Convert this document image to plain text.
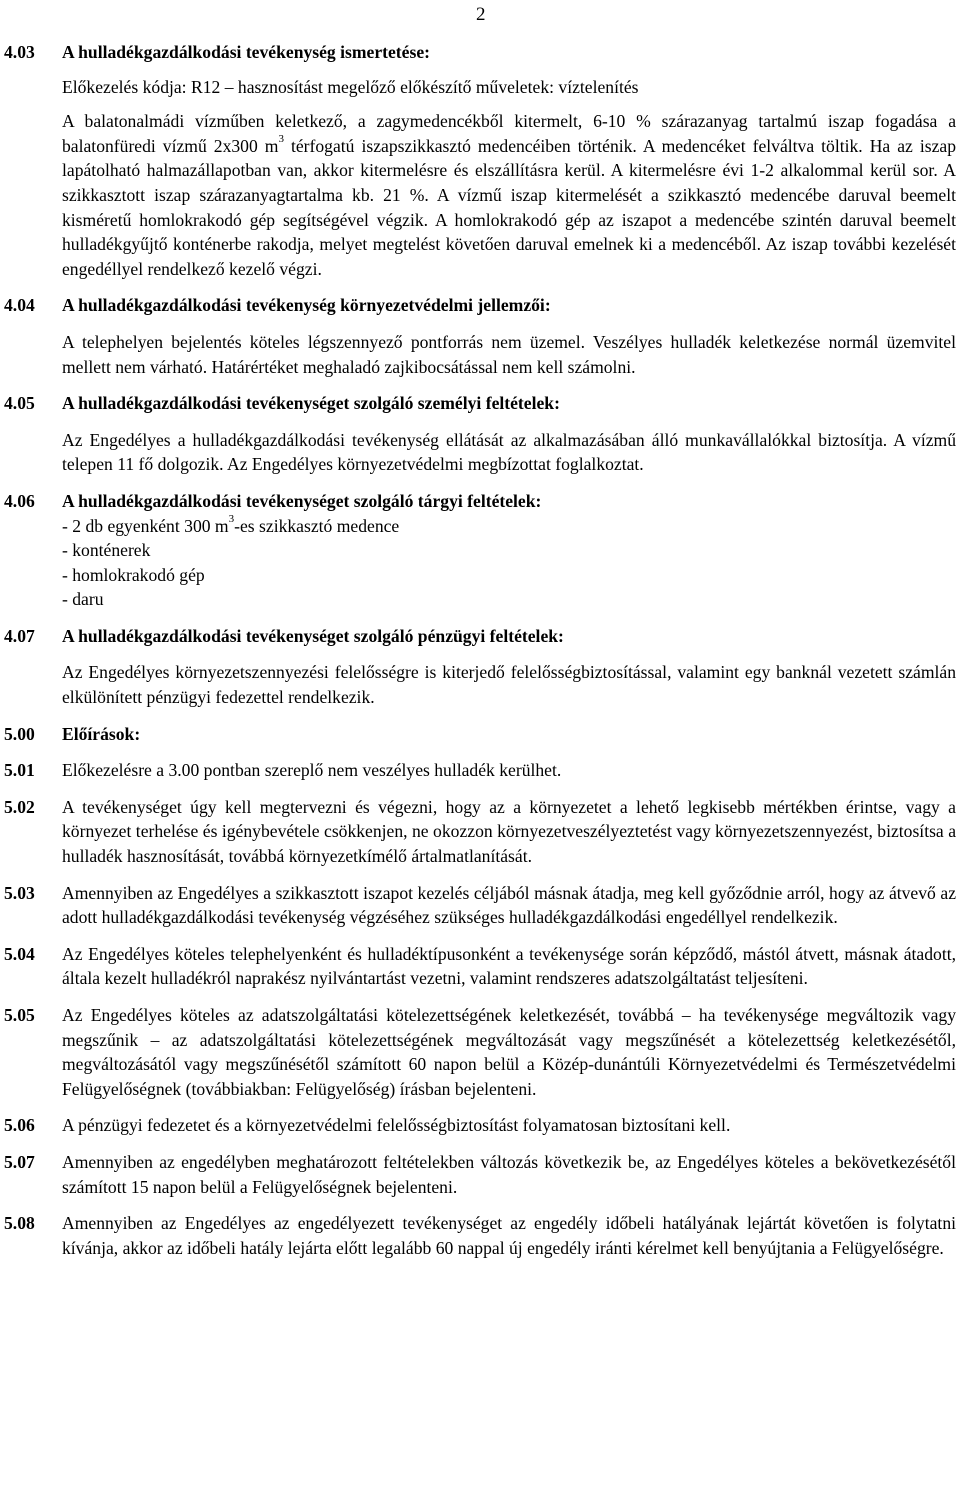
2
4.03	A hulladékgazdálkodási tevékenység ismertetése:
Előkezelés kódja: R12 – hasznosítást megelőző előkészítő műveletek: víztelenítés
A balatonalmádi vízműben keletkező, a zagymedencékből kitermelt, 6-10 % szárazanyag tartalmú iszap fogadása a balatonfüredi vízmű 2x300 $m^3$ térfogatú iszapszikkasztó medencéiben történik. A medencéket felváltva töltik. Ha az iszap lapátolható halmazállapotban van, akkor kitermelésre és elszállításra kerül. A kitermelésre évi 1-2 alkalommal kerül sor. A szikkasztott iszap szárazanyagtartalma kb. 21 %. A vízmű iszap kitermelését a szikkasztó medencébe daruval beemelt kisméretű homlokrakodó gép segítségével végzik. A homlokrakodó gép az iszapot a medencébe szintén daruval beemelt hulladékgyűjtő konténerbe rakodja, melyet megtelést követően daruval emelnek ki a medencéből. Az iszap további kezelését engedéllyel rendelkező kezelő végzi.
4.04	A hulladékgazdálkodási tevékenység környezetvédelmi jellemzői:
A telephelyen bejelentés köteles légszennyező pontforrás nem üzemel. Veszélyes hulladék keletkezése normál üzemvitel mellett nem várható. Határértéket meghaladó zajkibocsátással nem kell számolni.
4.05	A hulladékgazdálkodási tevékenységet szolgáló személyi feltételek:
Az Engedélyes a hulladékgazdálkodási tevékenység ellátását az alkalmazásában álló munkavállalókkal biztosítja. A vízmű telepen 11 fő dolgozik. Az Engedélyes környezetvédelmi megbízottat foglalkoztat.
4.06	A hulladékgazdálkodási tevékenységet szolgáló tárgyi feltételek:
- 2 db egyenként 300 $m^3-es$ szikkasztó medence
- konténerek
- homlokrakodó gép
- daru
4.07	A hulladékgazdálkodási tevékenységet szolgáló pénzügyi feltételek:
Az Engedélyes környezetszennyezési felelősségre is kiterjedő felelősségbiztosítással, valamint egy banknál vezetett számlán elkülönített pénzügyi fedezettel rendelkezik.
5.00	Előírások:
5.01	Előkezelésre a 3.00 pontban szereplő nem veszélyes hulladék kerülhet.
5.02	A tevékenységet úgy kell megtervezni és végezni, hogy az a környezetet a lehető legkisebb mértékben érintse, vagy a környezet terhelése és igénybevétele csökkenjen, ne okozzon környezetveszélyeztetést vagy környezetszennyezést, biztosítsa a hulladék hasznosítását, továbbá környezetkímélő ártalmatlanítását.
5.03	Amennyiben az Engedélyes a szikkasztott iszapot kezelés céljából másnak átadja, meg kell győződnie arról, hogy az átvevő az adott hulladékgazdálkodási tevékenység végzéséhez szükséges hulladékgazdálkodási engedéllyel rendelkezik.
5.04	Az Engedélyes köteles telephelyenként és hulladéktípusonként a tevékenysége során képződő, mástól átvett, másnak átadott, általa kezelt hulladékról naprakész nyilvántartást vezetni, valamint rendszeres adatszolgáltatást teljesíteni.
5.05	Az Engedélyes köteles az adatszolgáltatási kötelezettségének keletkezését, továbbá – ha tevékenysége megváltozik vagy megszűnik – az adatszolgáltatási kötelezettségének megváltozását vagy megszűnését a kötelezettség keletkezésétől, megváltozásától vagy megszűnésétől számított 60 napon belül a Közép-dunántúli Környezetvédelmi és Természetvédelmi Felügyelőségnek (továbbiakban: Felügyelőség) írásban bejelenteni.
5.06	A pénzügyi fedezetet és a környezetvédelmi felelősségbiztosítást folyamatosan biztosítani kell.
5.07	Amennyiben az engedélyben meghatározott feltételekben változás következik be, az Engedélyes köteles a bekövetkezésétől számított 15 napon belül a Felügyelőségnek bejelenteni.
5.08	Amennyiben az Engedélyes az engedélyezett tevékenységet az engedély időbeli hatályának lejártát követően is folytatni kívánja, akkor az időbeli hatály lejárta előtt legalább 60 nappal új engedély iránti kérelmet kell benyújtania a Felügyelőségre.
